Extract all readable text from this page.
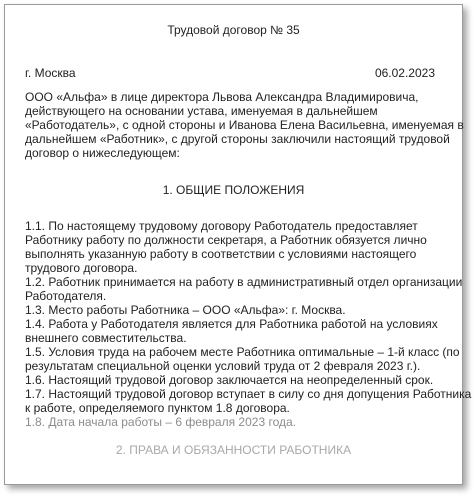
Трудовой договор № 35
г. Москва	06.02.2023
ООО «Альфа» в лице директора Львова Александра Владимировича,
действующего на основании устава, именуемая в дальнейшем
«Работодатель», с одной стороны и Иванова Елена Васильевна, именуемая в
дальнейшем «Работник», с другой стороны заключили настоящий трудовой
договор о нижеследующем:
1. ОБЩИЕ ПОЛОЖЕНИЯ
1.1. По настоящему трудовому договору Работодатель предоставляет
Работнику работу по должности секретаря, а Работник обязуется лично
выполнять указанную работу в соответствии с условиями настоящего
трудового договора.
1.2. Работник принимается на работу в административный отдел организации
Работодателя.
1.3. Место работы Работника – ООО «Альфа»: г. Москва.
1.4. Работа у Работодателя является для Работника работой на условиях
внешнего совместительства.
1.5. Условия труда на рабочем месте Работника оптимальные – 1-й класс (по
результатам специальной оценки условий труда от 2 февраля 2023 г.).
1.6. Настоящий трудовой договор заключается на неопределенный срок.
1.7. Настоящий трудовой договор вступает в силу со дня допущения Работника
к работе, определяемого пунктом 1.8 договора.
1.8. Дата начала работы – 6 февраля 2023 года.
2. ПРАВА И ОБЯЗАННОСТИ РАБОТНИКА
